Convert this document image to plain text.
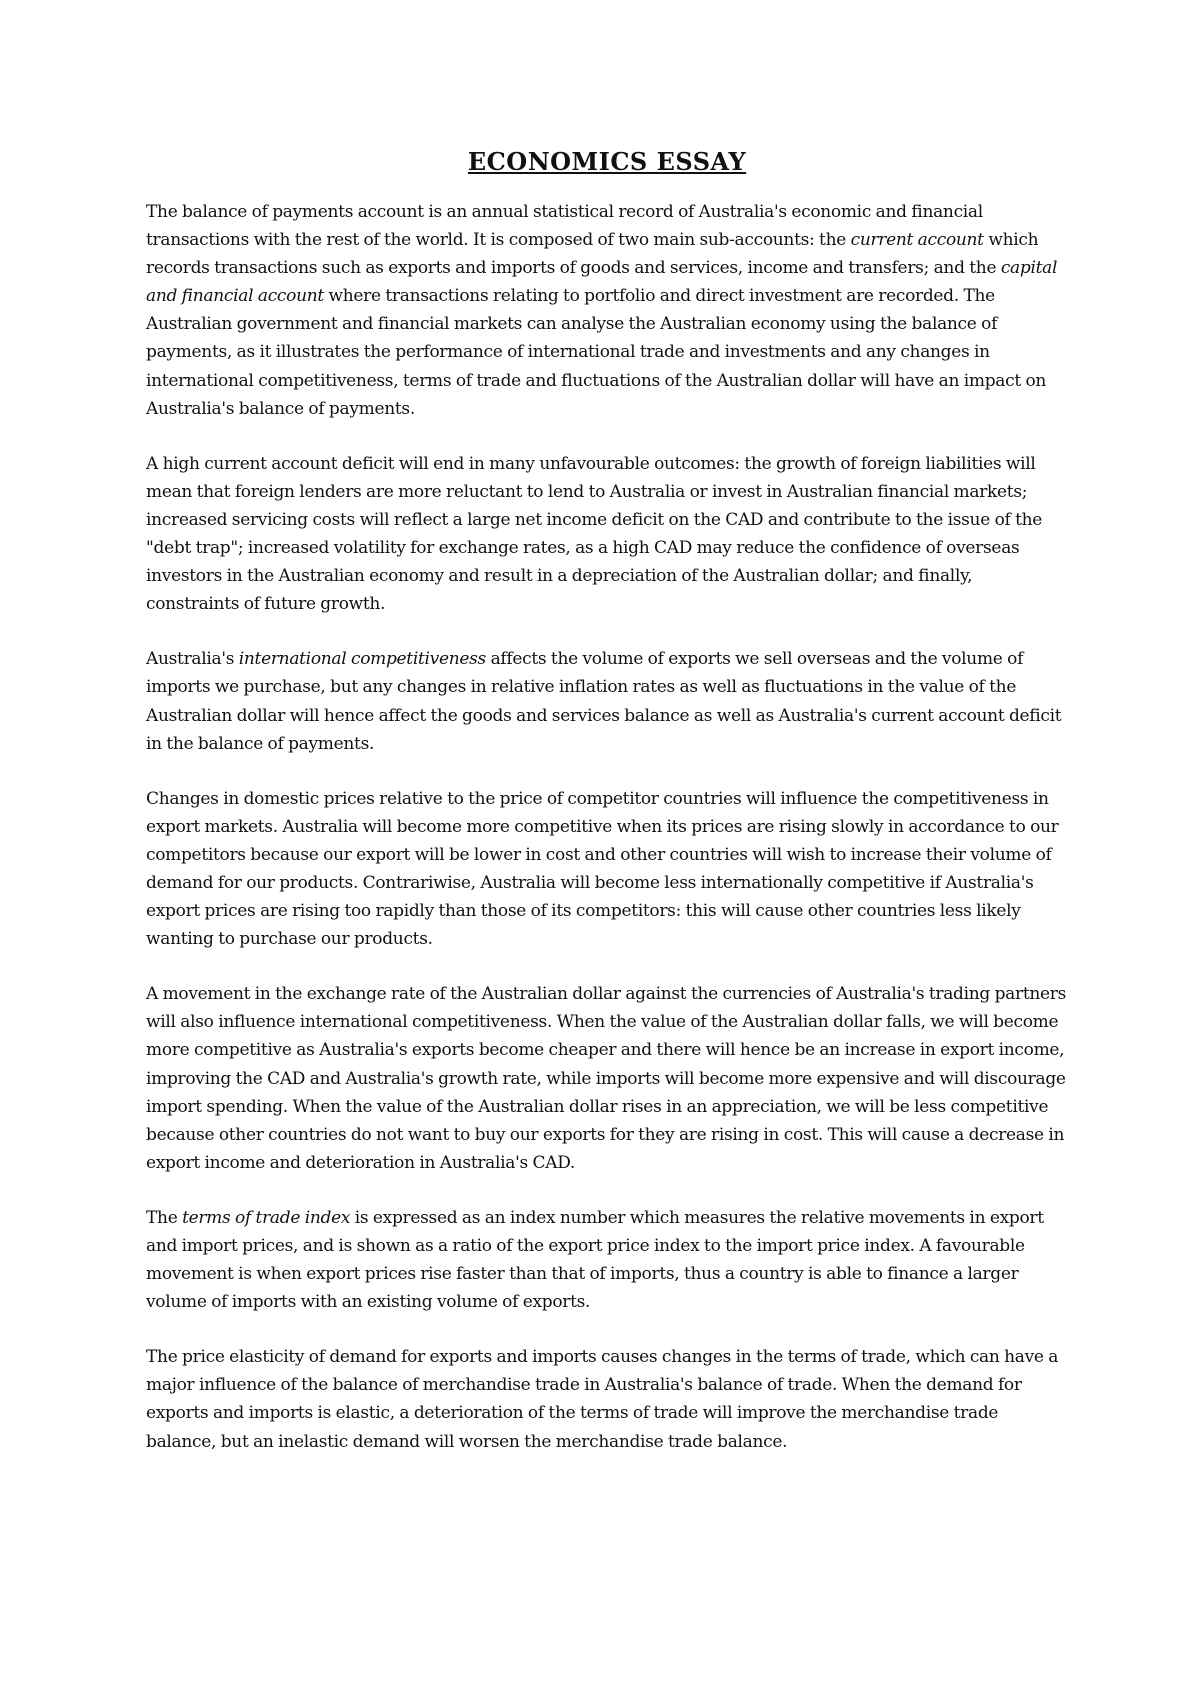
ECONOMICS ESSAY

The balance of payments account is an annual statistical record of Australia's economic and financial transactions with the rest of the world. It is composed of two main sub-accounts: the current account which records transactions such as exports and imports of goods and services, income and transfers; and the capital and financial account where transactions relating to portfolio and direct investment are recorded. The Australian government and financial markets can analyse the Australian economy using the balance of payments, as it illustrates the performance of international trade and investments and any changes in international competitiveness, terms of trade and fluctuations of the Australian dollar will have an impact on Australia's balance of payments.

A high current account deficit will end in many unfavourable outcomes: the growth of foreign liabilities will mean that foreign lenders are more reluctant to lend to Australia or invest in Australian financial markets; increased servicing costs will reflect a large net income deficit on the CAD and contribute to the issue of the "debt trap"; increased volatility for exchange rates, as a high CAD may reduce the confidence of overseas investors in the Australian economy and result in a depreciation of the Australian dollar; and finally, constraints of future growth.

Australia's international competitiveness affects the volume of exports we sell overseas and the volume of imports we purchase, but any changes in relative inflation rates as well as fluctuations in the value of the Australian dollar will hence affect the goods and services balance as well as Australia's current account deficit in the balance of payments.

Changes in domestic prices relative to the price of competitor countries will influence the competitiveness in export markets. Australia will become more competitive when its prices are rising slowly in accordance to our competitors because our export will be lower in cost and other countries will wish to increase their volume of demand for our products. Contrariwise, Australia will become less internationally competitive if Australia's export prices are rising too rapidly than those of its competitors: this will cause other countries less likely wanting to purchase our products.

A movement in the exchange rate of the Australian dollar against the currencies of Australia's trading partners will also influence international competitiveness. When the value of the Australian dollar falls, we will become more competitive as Australia's exports become cheaper and there will hence be an increase in export income, improving the CAD and Australia's growth rate, while imports will become more expensive and will discourage import spending. When the value of the Australian dollar rises in an appreciation, we will be less competitive because other countries do not want to buy our exports for they are rising in cost. This will cause a decrease in export income and deterioration in Australia's CAD.

The terms of trade index is expressed as an index number which measures the relative movements in export and import prices, and is shown as a ratio of the export price index to the import price index. A favourable movement is when export prices rise faster than that of imports, thus a country is able to finance a larger volume of imports with an existing volume of exports.

The price elasticity of demand for exports and imports causes changes in the terms of trade, which can have a major influence of the balance of merchandise trade in Australia's balance of trade. When the demand for exports and imports is elastic, a deterioration of the terms of trade will improve the merchandise trade balance, but an inelastic demand will worsen the merchandise trade balance.
